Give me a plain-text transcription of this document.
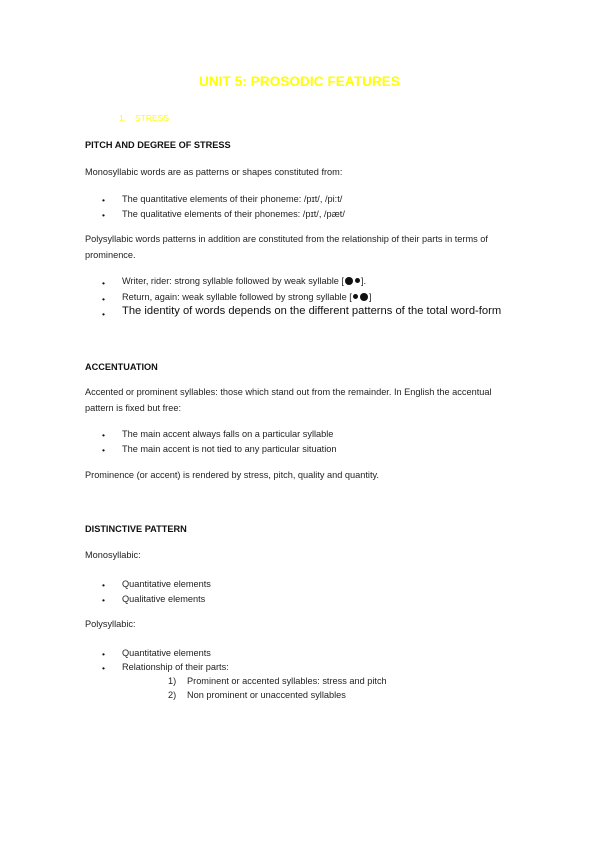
UNIT 5: PROSODIC FEATURES
1. STRESS
PITCH AND DEGREE OF STRESS
Monosyllabic words are as patterns or shapes constituted from:
• The quantitative elements of their phoneme: /pɪt/, /pi:t/
• The qualitative elements of their phonemes: /pɪt/, /pæt/
Polysyllabic words patterns in addition are constituted from the relationship of their parts in terms of prominence.
• Writer, rider: strong syllable followed by weak syllable [ ].
• Return, again: weak syllable followed by strong syllable [ ]
• The identity of words depends on the different patterns of the total word-form
ACCENTUATION
Accented or prominent syllables: those which stand out from the remainder. In English the accentual pattern is fixed but free:
• The main accent always falls on a particular syllable
• The main accent is not tied to any particular situation
Prominence (or accent) is rendered by stress, pitch, quality and quantity.
DISTINCTIVE PATTERN
Monosyllabic:
• Quantitative elements
• Qualitative elements
Polysyllabic:
• Quantitative elements
• Relationship of their parts:
1) Prominent or accented syllables: stress and pitch
2) Non prominent or unaccented syllables
